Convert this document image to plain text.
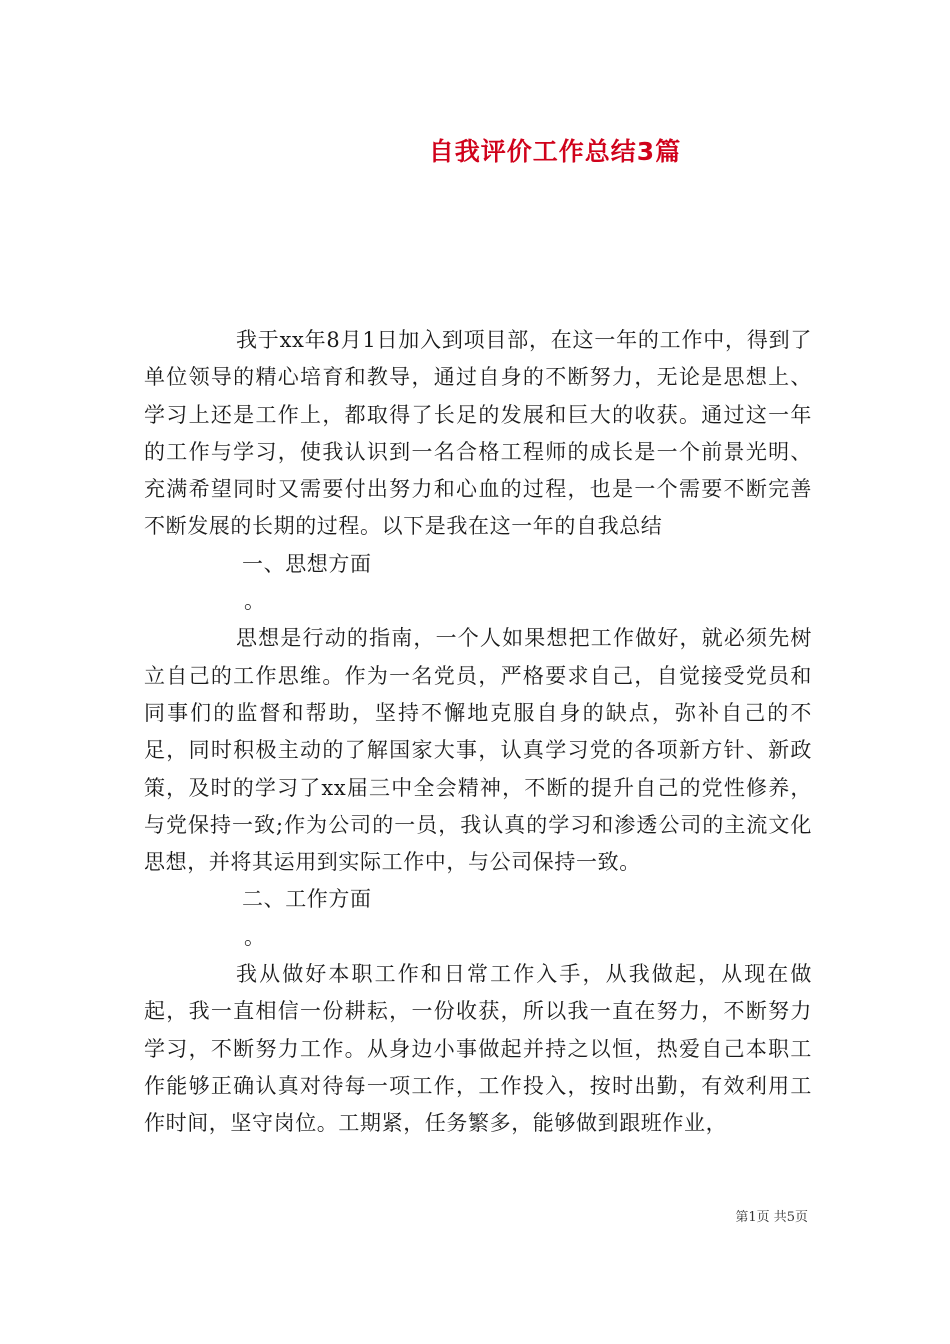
自我评价工作总结3篇

我于xx年8月1日加入到项目部，在这一年的工作中，得到了单位领导的精心培育和教导，通过自身的不断努力，无论是思想上、学习上还是工作上，都取得了长足的发展和巨大的收获。通过这一年的工作与学习，使我认识到一名合格工程师的成长是一个前景光明、充满希望同时又需要付出努力和心血的过程，也是一个需要不断完善不断发展的长期的过程。以下是我在这一年的自我总结

一、思想方面

。

思想是行动的指南，一个人如果想把工作做好，就必须先树立自己的工作思维。作为一名党员，严格要求自己，自觉接受党员和同事们的监督和帮助，坚持不懈地克服自身的缺点，弥补自己的不足，同时积极主动的了解国家大事，认真学习党的各项新方针、新政策，及时的学习了xx届三中全会精神，不断的提升自己的党性修养，与党保持一致;作为公司的一员，我认真的学习和渗透公司的主流文化思想，并将其运用到实际工作中，与公司保持一致。

二、工作方面

。

我从做好本职工作和日常工作入手，从我做起，从现在做起，我一直相信一份耕耘，一份收获，所以我一直在努力，不断努力学习，不断努力工作。从身边小事做起并持之以恒，热爱自己本职工作能够正确认真对待每一项工作，工作投入，按时出勤，有效利用工作时间，坚守岗位。工期紧，任务繁多，能够做到跟班作业，

第1页 共5页
